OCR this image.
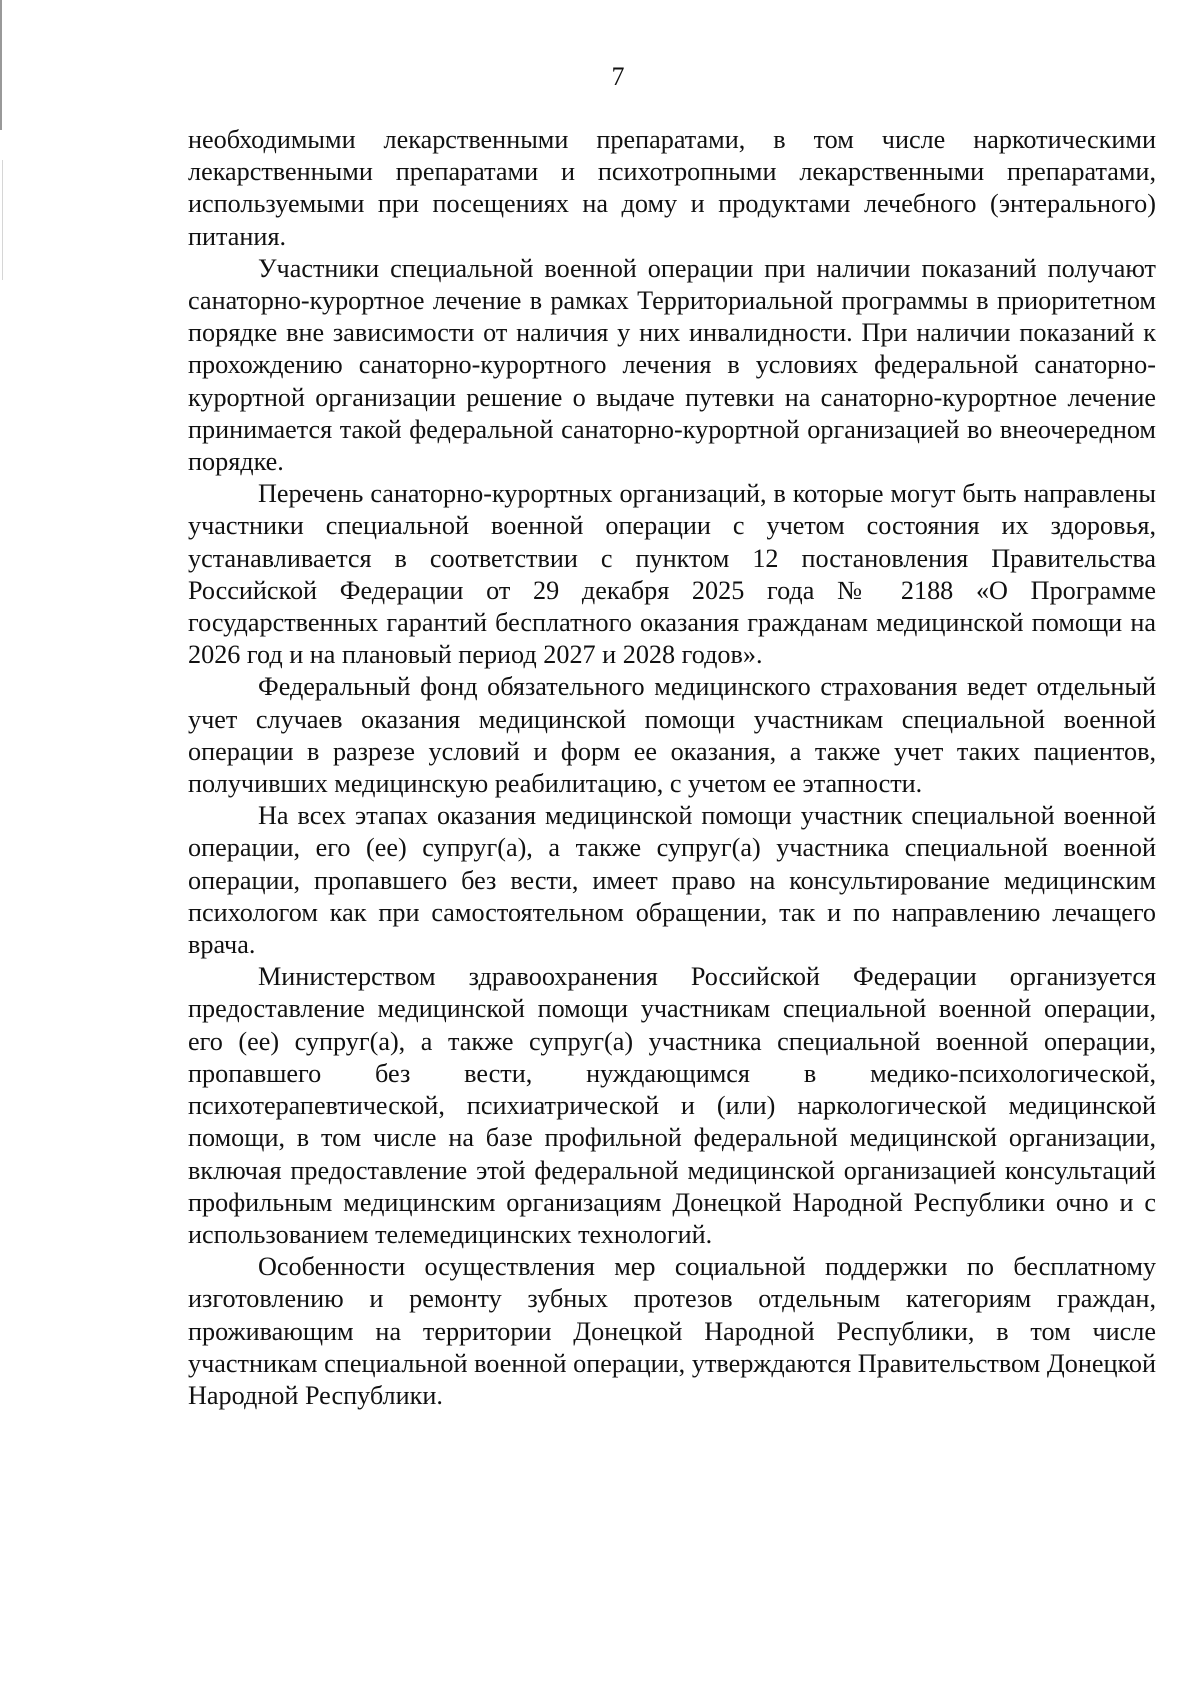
7

необходимыми лекарственными препаратами, в том числе наркотическими лекарственными препаратами и психотропными лекарственными препаратами, используемыми при посещениях на дому и продуктами лечебного (энтерального) питания.

Участники специальной военной операции при наличии показаний получают санаторно-курортное лечение в рамках Территориальной программы в приоритетном порядке вне зависимости от наличия у них инвалидности. При наличии показаний к прохождению санаторно-курортного лечения в условиях федеральной санаторно-курортной организации решение о выдаче путевки на санаторно-курортное лечение принимается такой федеральной санаторно-курортной организацией во внеочередном порядке.

Перечень санаторно-курортных организаций, в которые могут быть направлены участники специальной военной операции с учетом состояния их здоровья, устанавливается в соответствии с пунктом 12 постановления Правительства Российской Федерации от 29 декабря 2025 года № 2188 «О Программе государственных гарантий бесплатного оказания гражданам медицинской помощи на 2026 год и на плановый период 2027 и 2028 годов».

Федеральный фонд обязательного медицинского страхования ведет отдельный учет случаев оказания медицинской помощи участникам специальной военной операции в разрезе условий и форм ее оказания, а также учет таких пациентов, получивших медицинскую реабилитацию, с учетом ее этапности.

На всех этапах оказания медицинской помощи участник специальной военной операции, его (ее) супруг(а), а также супруг(а) участника специальной военной операции, пропавшего без вести, имеет право на консультирование медицинским психологом как при самостоятельном обращении, так и по направлению лечащего врача.

Министерством здравоохранения Российской Федерации организуется предоставление медицинской помощи участникам специальной военной операции, его (ее) супруг(а), а также супруг(а) участника специальной военной операции, пропавшего без вести, нуждающимся в медико-психологической, психотерапевтической, психиатрической и (или) наркологической медицинской помощи, в том числе на базе профильной федеральной медицинской организации, включая предоставление этой федеральной медицинской организацией консультаций профильным медицинским организациям Донецкой Народной Республики очно и с использованием телемедицинских технологий.

Особенности осуществления мер социальной поддержки по бесплатному изготовлению и ремонту зубных протезов отдельным категориям граждан, проживающим на территории Донецкой Народной Республики, в том числе участникам специальной военной операции, утверждаются Правительством Донецкой Народной Республики.
